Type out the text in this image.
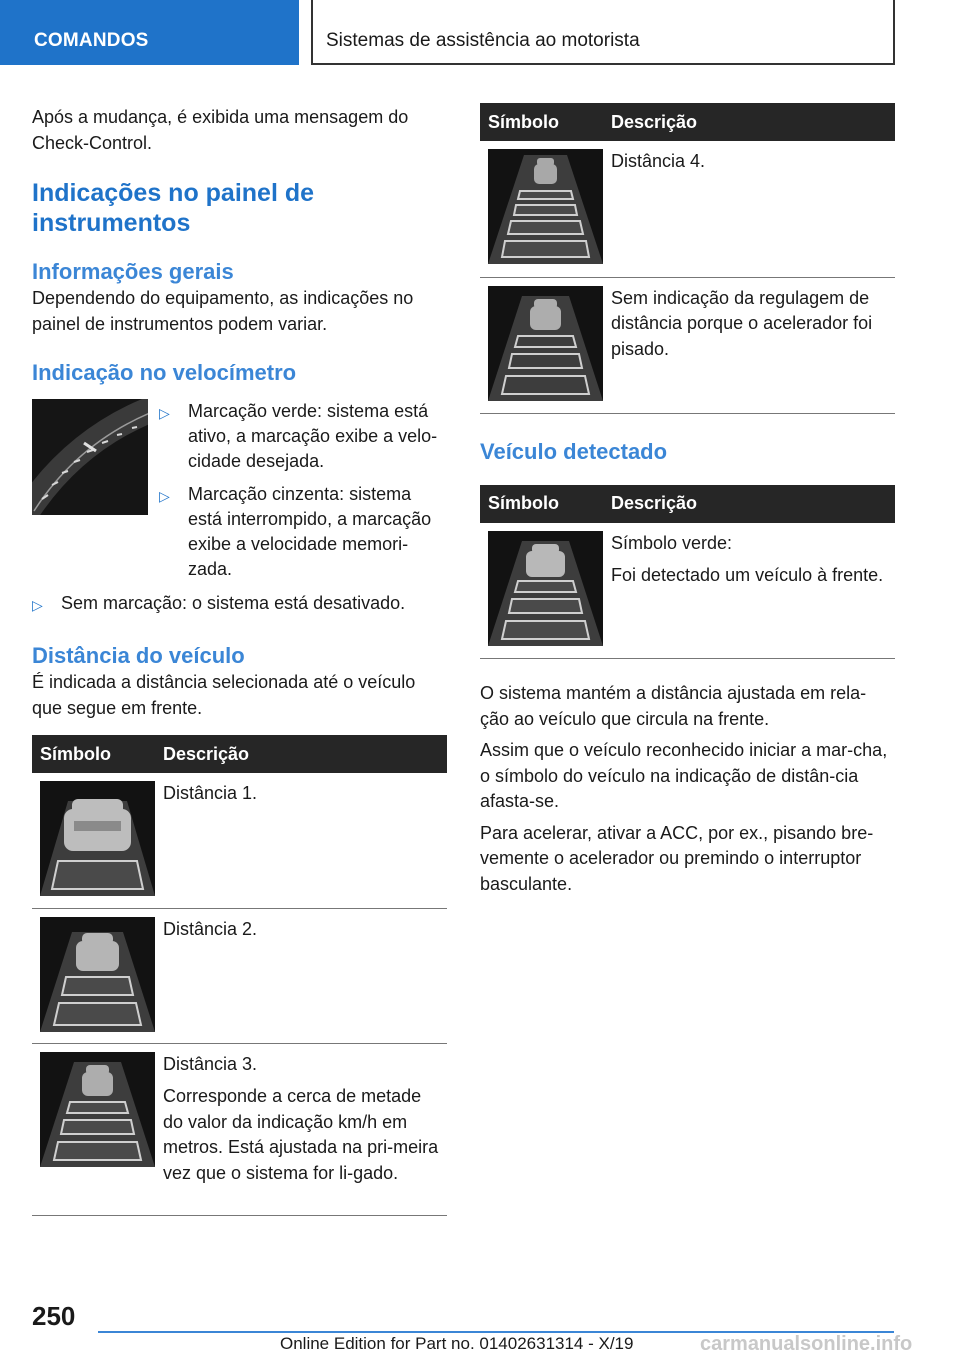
COMANDOS	Sistemas de assistência ao motorista

Após a mudança, é exibida uma mensagem do Check-Control.

Indicações no painel de instrumentos
Informações gerais

Dependendo do equipamento, as indicações no painel de instrumentos podem variar.

Indicação no velocímetro
▷ Marcação verde: sistema está ativo, a marcação exibe a velo-cidade desejada.
▷ Marcação cinzenta: sistema está interrompido, a marcação exibe a velocidade memori-zada.
▷ Sem marcação: o sistema está desativado.
Distância do veículo

É indicada a distância selecionada até o veículo que segue em frente.

Símbolo	Descrição

Distância 1.

Distância 2.

Distância 3.

Corresponde a cerca de metade do valor da indicação km/h em metros. Está ajustada na pri-meira vez que o sistema for li-gado.

Símbolo	Descrição

Distância 4.

Sem indicação da regulagem de distância porque o acelerador foi pisado.

Veículo detectado
Símbolo	Descrição

Símbolo verde:

Foi detectado um veículo à frente.

O sistema mantém a distância ajustada em rela-ção ao veículo que circula na frente.

Assim que o veículo reconhecido iniciar a mar-cha, o símbolo do veículo na indicação de distân-cia afasta-se.

Para acelerar, ativar a ACC, por ex., pisando bre-vemente o acelerador ou premindo o interruptor basculante.

250
Online Edition for Part no. 01402631314 - X/19	carmanualsonline.info
